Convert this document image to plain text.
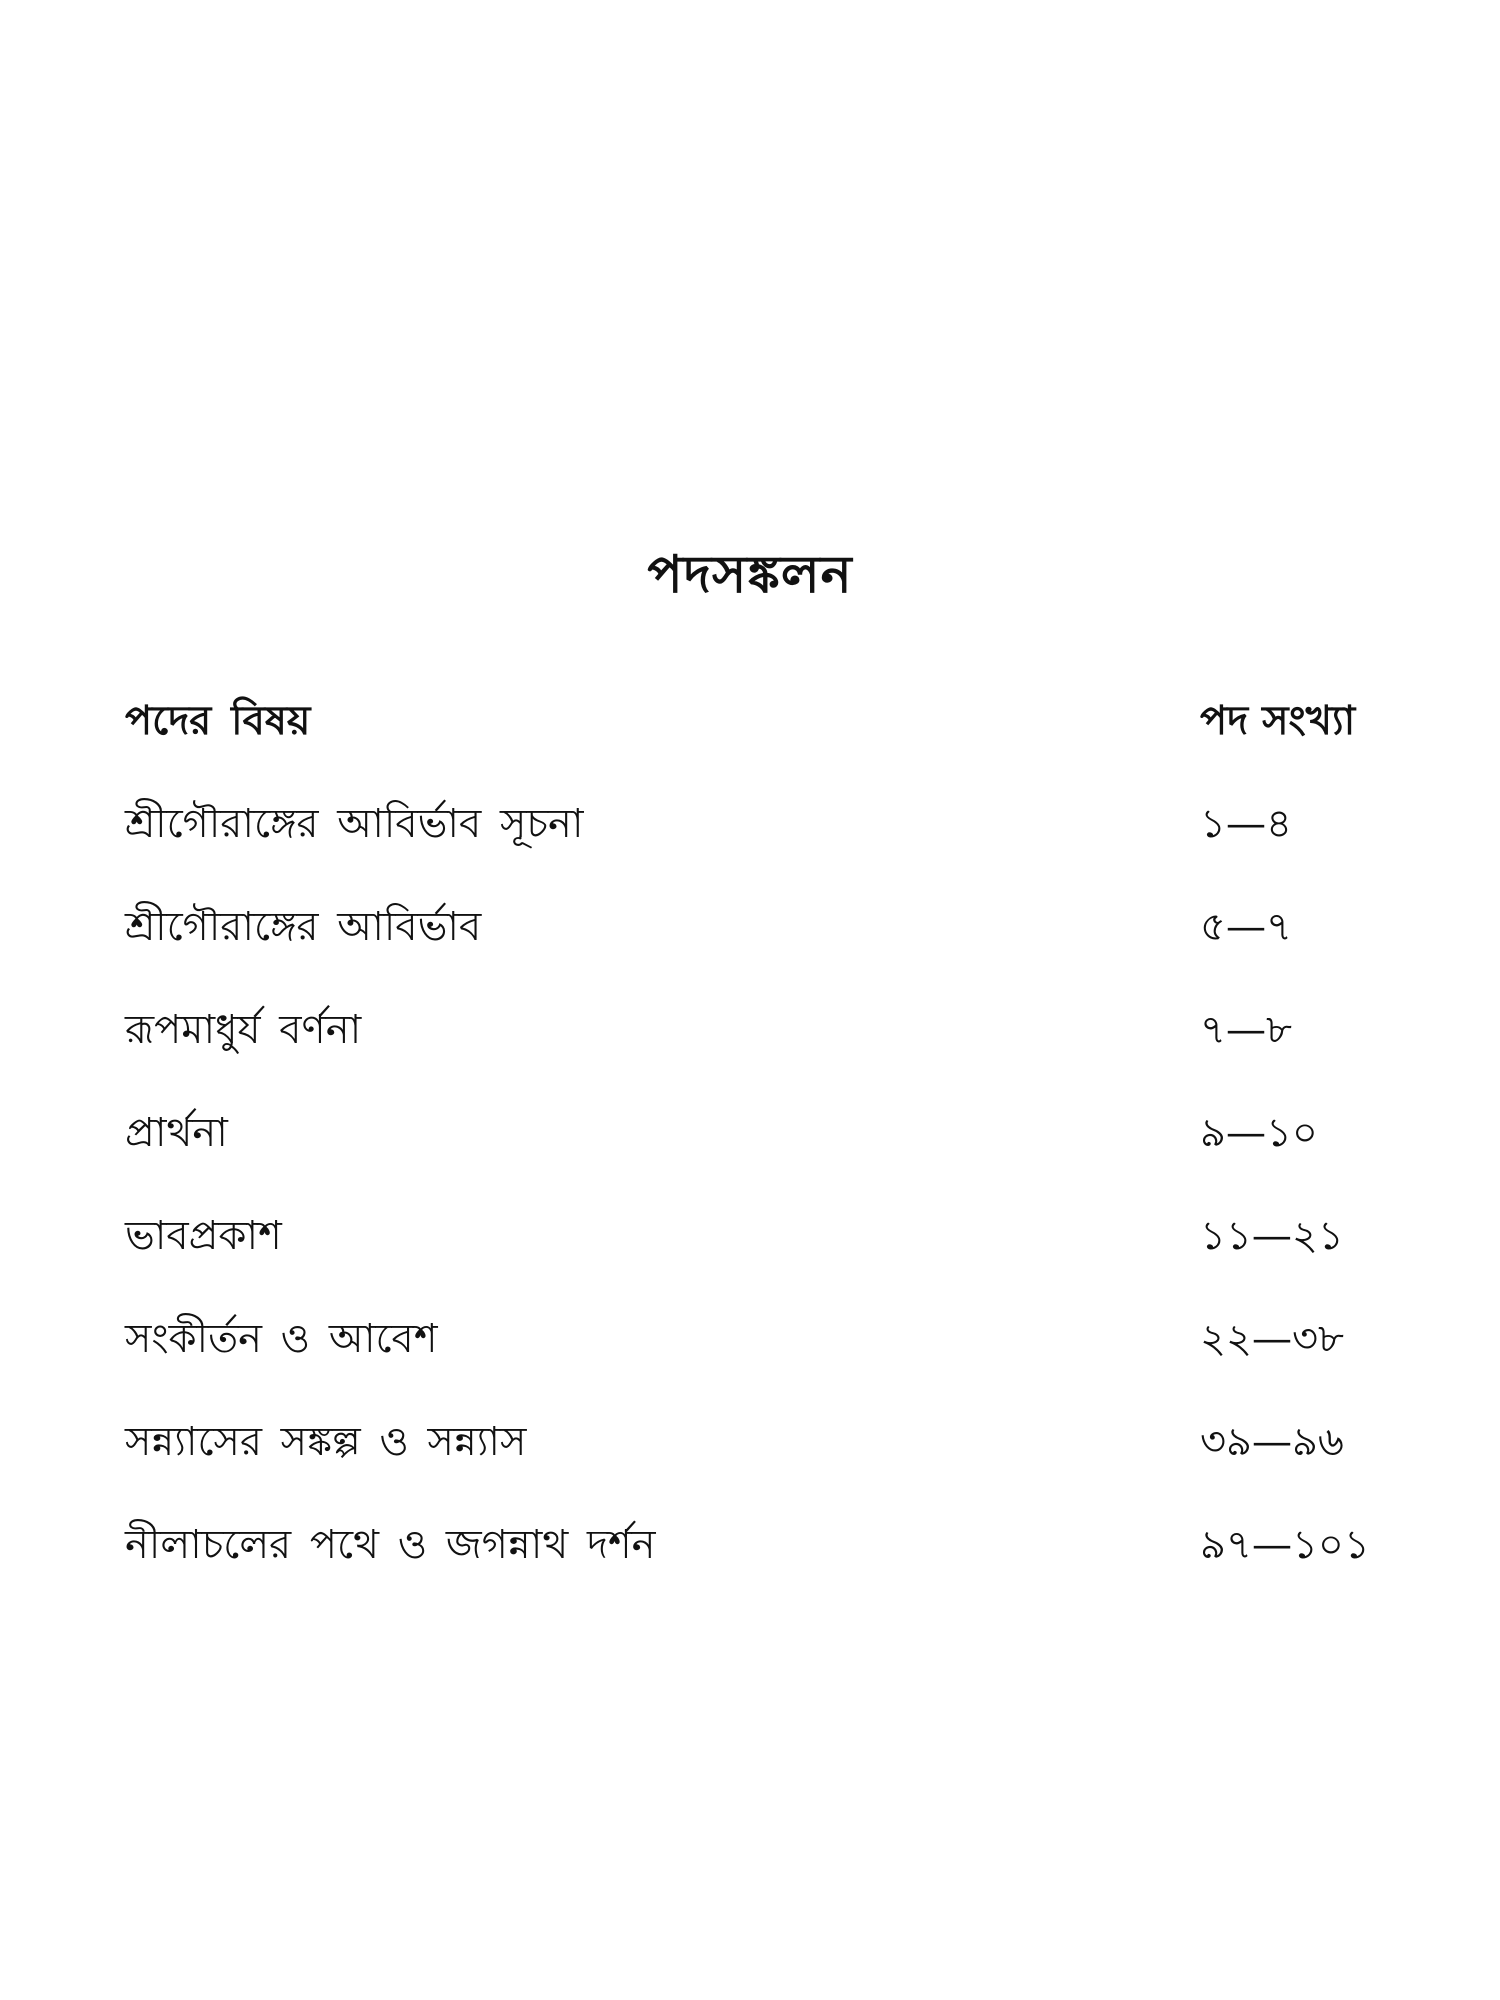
পদসঙ্কলন
পদের বিষয়	পদ সংখ্যা
শ্রীগৌরাঙ্গের আবির্ভাব সূচনা	১—৪
শ্রীগৌরাঙ্গের আবির্ভাব	৫—৭
রূপমাধুর্য বর্ণনা	৭—৮
প্রার্থনা	৯—১০
ভাবপ্রকাশ	১১—২১
সংকীর্তন ও আবেশ	২২—৩৮
সন্ন্যাসের সঙ্কল্প ও সন্ন্যাস	৩৯—৯৬
নীলাচলের পথে ও জগন্নাথ দর্শন	৯৭—১০১
